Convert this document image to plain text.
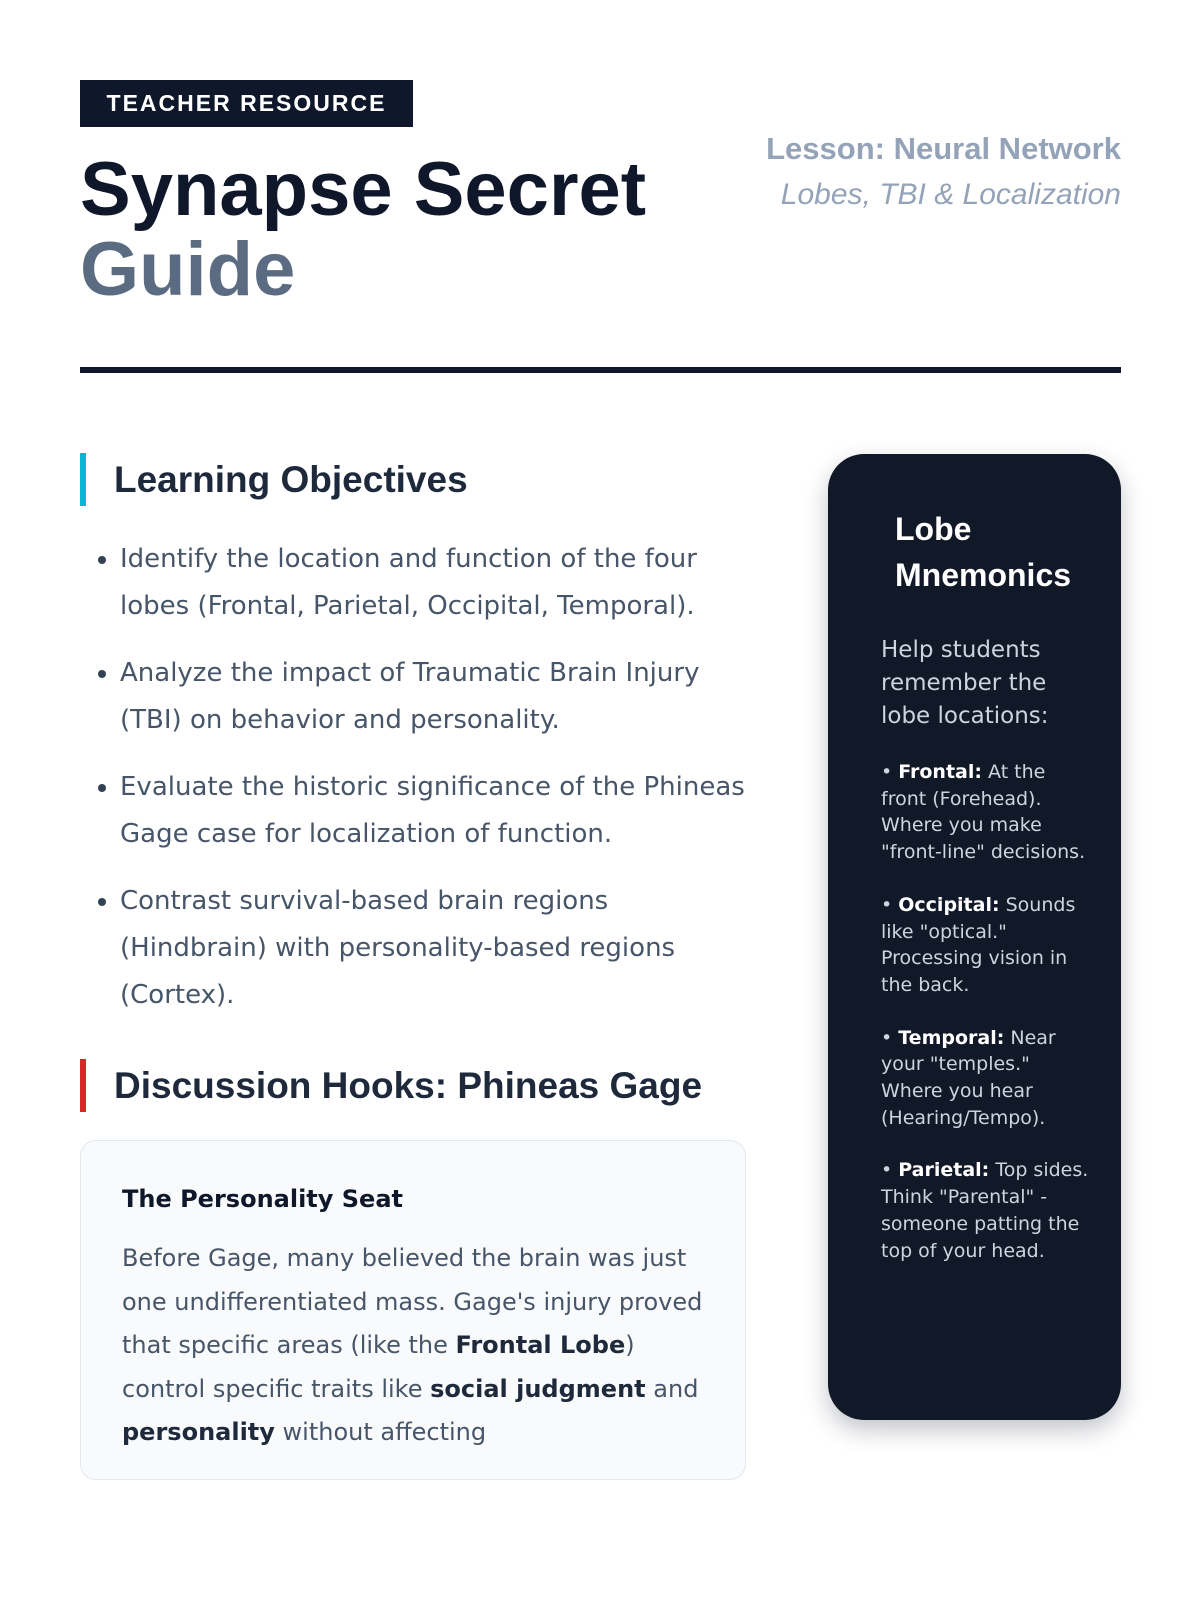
TEACHER RESOURCE
Synapse Secret
Guide
Lesson: Neural Network
Lobes, TBI & Localization
Learning Objectives
• Identify the location and function of the four lobes (Frontal, Parietal, Occipital, Temporal).
• Analyze the impact of Traumatic Brain Injury (TBI) on behavior and personality.
• Evaluate the historic significance of the Phineas Gage case for localization of function.
• Contrast survival-based brain regions (Hindbrain) with personality-based regions (Cortex).
Discussion Hooks: Phineas Gage
The Personality Seat

Before Gage, many believed the brain was just one undifferentiated mass. Gage's injury proved that specific areas (like the Frontal Lobe) control specific traits like social judgment and personality without affecting

Lobe Mnemonics

Help students remember the lobe locations:

• Frontal: At the front (Forehead). Where you make "front-line" decisions.

• Occipital: Sounds like "optical." Processing vision in the back.

• Temporal: Near your "temples." Where you hear (Hearing/Tempo).

• Parietal: Top sides. Think "Parental" - someone patting the top of your head.
